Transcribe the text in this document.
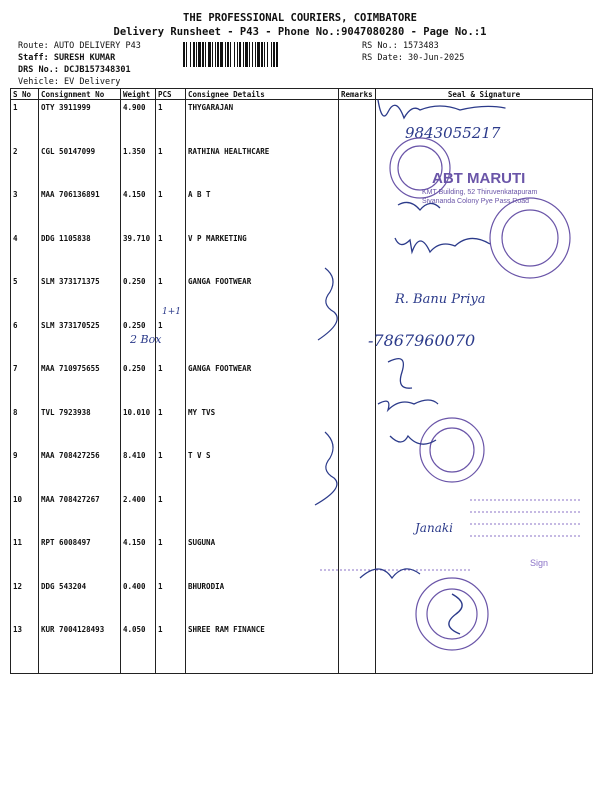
THE PROFESSIONAL COURIERS, COIMBATORE
Delivery Runsheet - P43 - Phone No.:9047080280 - Page No.:1
Route: AUTO DELIVERY P43
Staff: SURESH KUMAR
DRS No.: DCJB157348301
Vehicle: EV Delivery
RS No.: 1573483
RS Date: 30-Jun-2025
S No	Consignment No	Weight	PCS	Consignee Details	Remarks	Seal & Signature
1	OTY 3911999	4.900	1	THYGARAJAN		
2	CGL 50147099	1.350	1	RATHINA HEALTHCARE		
3	MAA 706136891	4.150	1	A B T		
4	DDG 1105838	39.710	1	V P MARKETING		
5	SLM 373171375	0.250	1	GANGA FOOTWEAR		
6	SLM 373170525	0.250	1			
7	MAA 710975655	0.250	1	GANGA FOOTWEAR		
8	TVL 7923938	10.010	1	MY TVS		
9	MAA 708427256	8.410	1	T V S		
10	MAA 708427267	2.400	1			
11	RPT 6008497	4.150	1	SUGUNA		
12	DDG 543204	0.400	1	BHURODIA		
13	KUR 7004128493	4.050	1	SHREE RAM FINANCE		
9843055217
ABT MARUTI
KMT Building, 52 Thiruvenkatapuram
Sivananda Colony Pye Pass Road
R. Banu Priya
-7867960070
2 Box
1+1
Janaki
Sign
